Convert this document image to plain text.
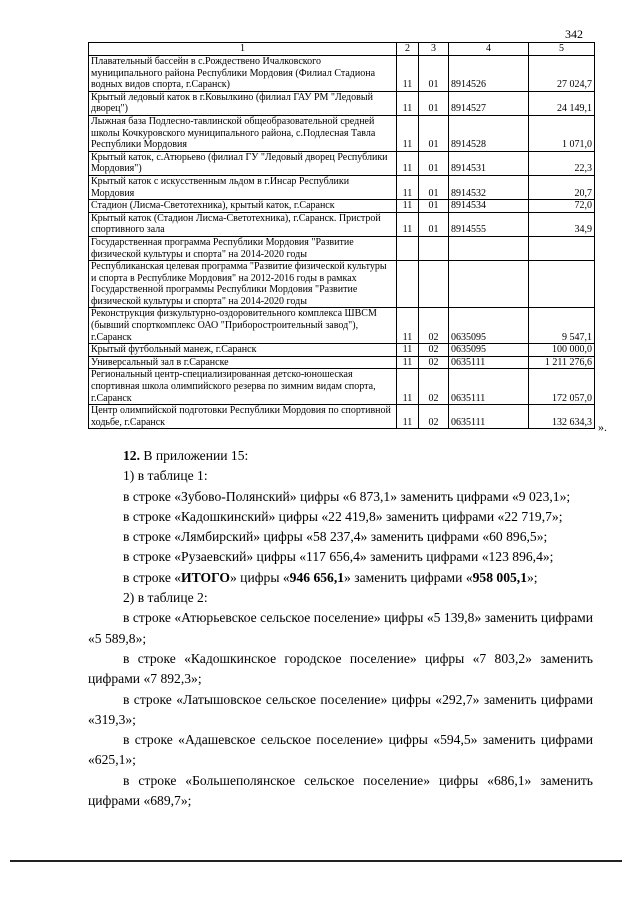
342
1	2	3	4	5
Плавательный бассейн в с.Рождествено Ичалковского муниципального района Республики Мордовия (Филиал Стадиона водных видов спорта, г.Саранск)	11	01	8914526	27 024,7
Крытый ледовый каток в г.Ковылкино (филиал ГАУ РМ "Ледовый дворец")	11	01	8914527	24 149,1
Лыжная база Подлесно-тавлинской общеобразовательной средней школы Кочкуровского муниципального района, с.Подлесная Тавла Республики Мордовия	11	01	8914528	1 071,0
Крытый каток, с.Атюрьево (филиал ГУ "Ледовый дворец Республики Мордовия")	11	01	8914531	22,3
Крытый каток с искусственным льдом в г.Инсар Республики Мордовия	11	01	8914532	20,7
Стадион (Лисма-Светотехника), крытый каток, г.Саранск	11	01	8914534	72,0
Крытый каток (Стадион Лисма-Светотехника), г.Саранск. Пристрой спортивного зала	11	01	8914555	34,9
Государственная программа Республики Мордовия "Развитие физической культуры и спорта" на 2014-2020 годы				
Республиканская целевая программа "Развитие физической культуры и спорта в Республике Мордовия" на 2012-2016 годы в рамках Государственной программы Республики Мордовия "Развитие физической культуры и спорта" на 2014-2020 годы				
Реконструкция физкультурно-оздоровительного комплекса ШВСМ (бывший спорткомплекс ОАО "Приборостроительный завод"), г.Саранск	11	02	0635095	9 547,1
Крытый футбольный манеж, г.Саранск	11	02	0635095	100 000,0
Универсальный зал в г.Саранске	11	02	0635111	1 211 276,6
Региональный центр-специализированная детско-юношеская спортивная школа олимпийского резерва по зимним видам спорта, г.Саранск	11	02	0635111	172 057,0
Центр олимпийской подготовки Республики Мордовия по спортивной ходьбе, г.Саранск	11	02	0635111	132 634,3 ».

12. В приложении 15:

1) в таблице 1:

в строке «Зубово-Полянский» цифры «6 873,1» заменить цифрами «9 023,1»;

в строке «Кадошкинский» цифры «22 419,8» заменить цифрами «22 719,7»;

в строке «Лямбирский» цифры «58 237,4» заменить цифрами «60 896,5»;

в строке «Рузаевский» цифры «117 656,4» заменить цифрами «123 896,4»;

в строке «ИТОГО» цифры «946 656,1» заменить цифрами «958 005,1»;

2) в таблице 2:

в строке «Атюрьевское сельское поселение» цифры «5 139,8» заменить цифрами «5 589,8»;

в строке «Кадошкинское городское поселение» цифры «7 803,2» заменить цифрами «7 892,3»;

в строке «Латышовское сельское поселение» цифры «292,7» заменить цифрами «319,3»;

в строке «Адашевское сельское поселение» цифры «594,5» заменить цифрами «625,1»;

в строке «Большеполянское сельское поселение» цифры «686,1» заменить цифрами «689,7»;
